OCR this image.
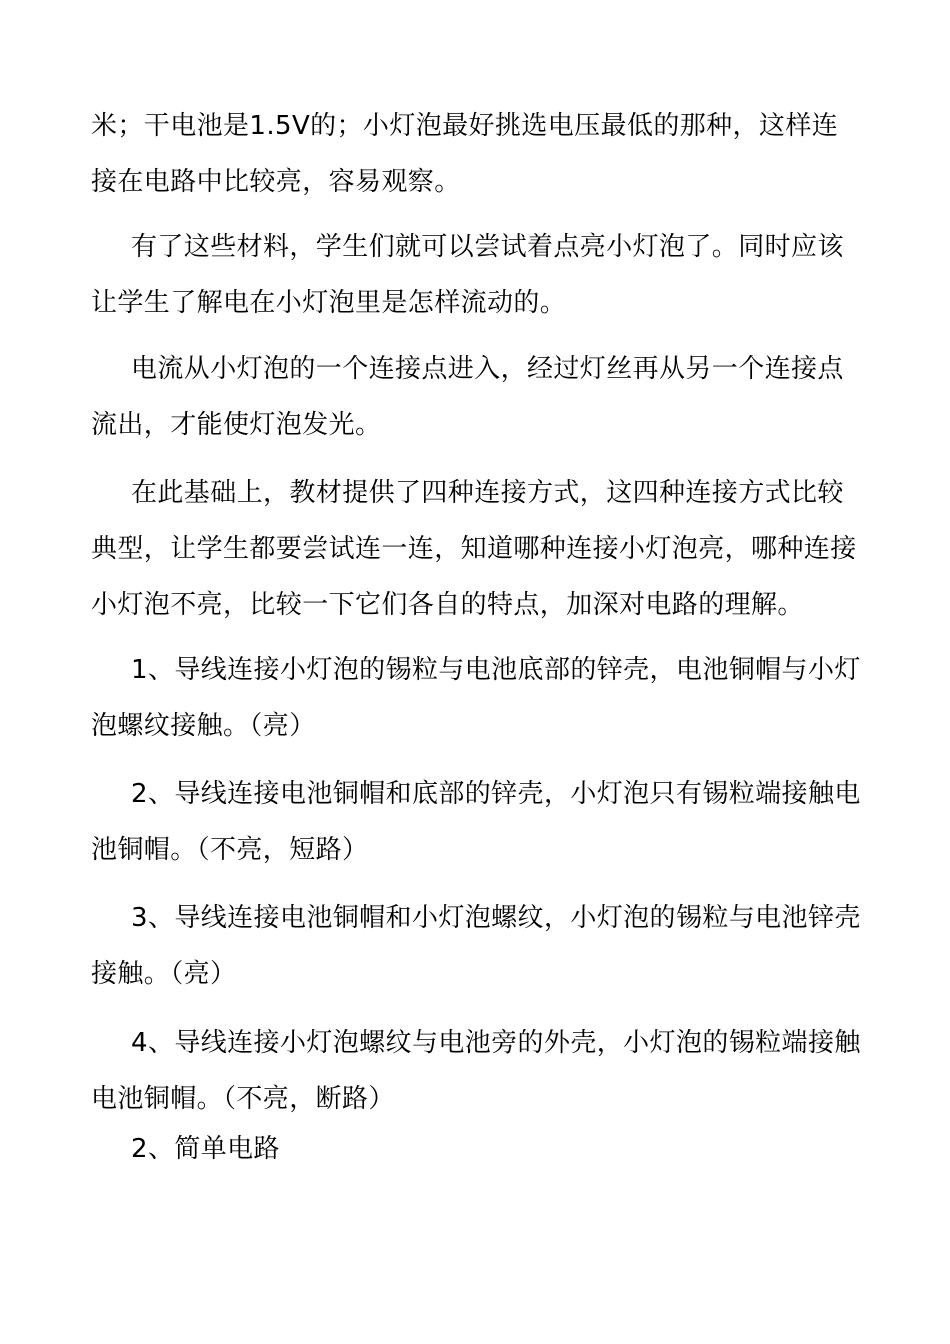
米；干电池是1.5V的；小灯泡最好挑选电压最低的那种，这样连接在电路中比较亮，容易观察。

有了这些材料，学生们就可以尝试着点亮小灯泡了。同时应该让学生了解电在小灯泡里是怎样流动的。

电流从小灯泡的一个连接点进入，经过灯丝再从另一个连接点流出，才能使灯泡发光。

在此基础上，教材提供了四种连接方式，这四种连接方式比较典型，让学生都要尝试连一连，知道哪种连接小灯泡亮，哪种连接小灯泡不亮，比较一下它们各自的特点，加深对电路的理解。

1、导线连接小灯泡的锡粒与电池底部的锌壳，电池铜帽与小灯泡螺纹接触。（亮）

2、导线连接电池铜帽和底部的锌壳，小灯泡只有锡粒端接触电池铜帽。（不亮，短路）

3、导线连接电池铜帽和小灯泡螺纹，小灯泡的锡粒与电池锌壳接触。（亮）

4、导线连接小灯泡螺纹与电池旁的外壳，小灯泡的锡粒端接触电池铜帽。（不亮，断路）

2、简单电路
